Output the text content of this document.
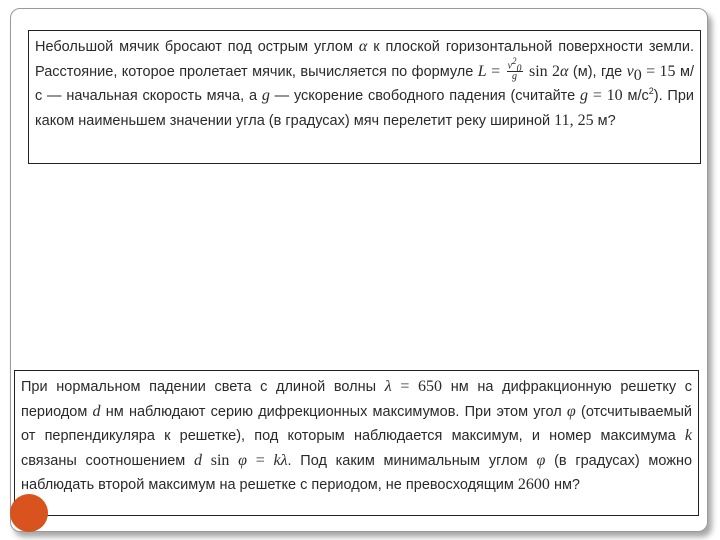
Небольшой мячик бросают под острым углом α к плоской горизонтальной поверхности земли. Расстояние, которое пролетает мячик, вычисляется по формуле $L = \frac{v^2_0}{g}$ sin 2α (м), где $v_0 = 15$ м/с — начальная скорость мяча, а g — ускорение свободного падения (считайте g = 10 $м/с^2$). При каком наименьшем значении угла (в градусах) мяч перелетит реку шириной 11, 25 м?
При нормальном падении света с длиной волны λ = 650 нм на дифракционную решетку с периодом d нм наблюдают серию дифрекционных максимумов. При этом угол φ (отсчитываемый от перпендикуляра к решетке), под которым наблюдается максимум, и номер максимума k связаны соотношением d sin φ = kλ. Под каким минимальным углом φ (в градусах) можно наблюдать второй максимум на решетке с периодом, не превосходящим 2600 нм?
